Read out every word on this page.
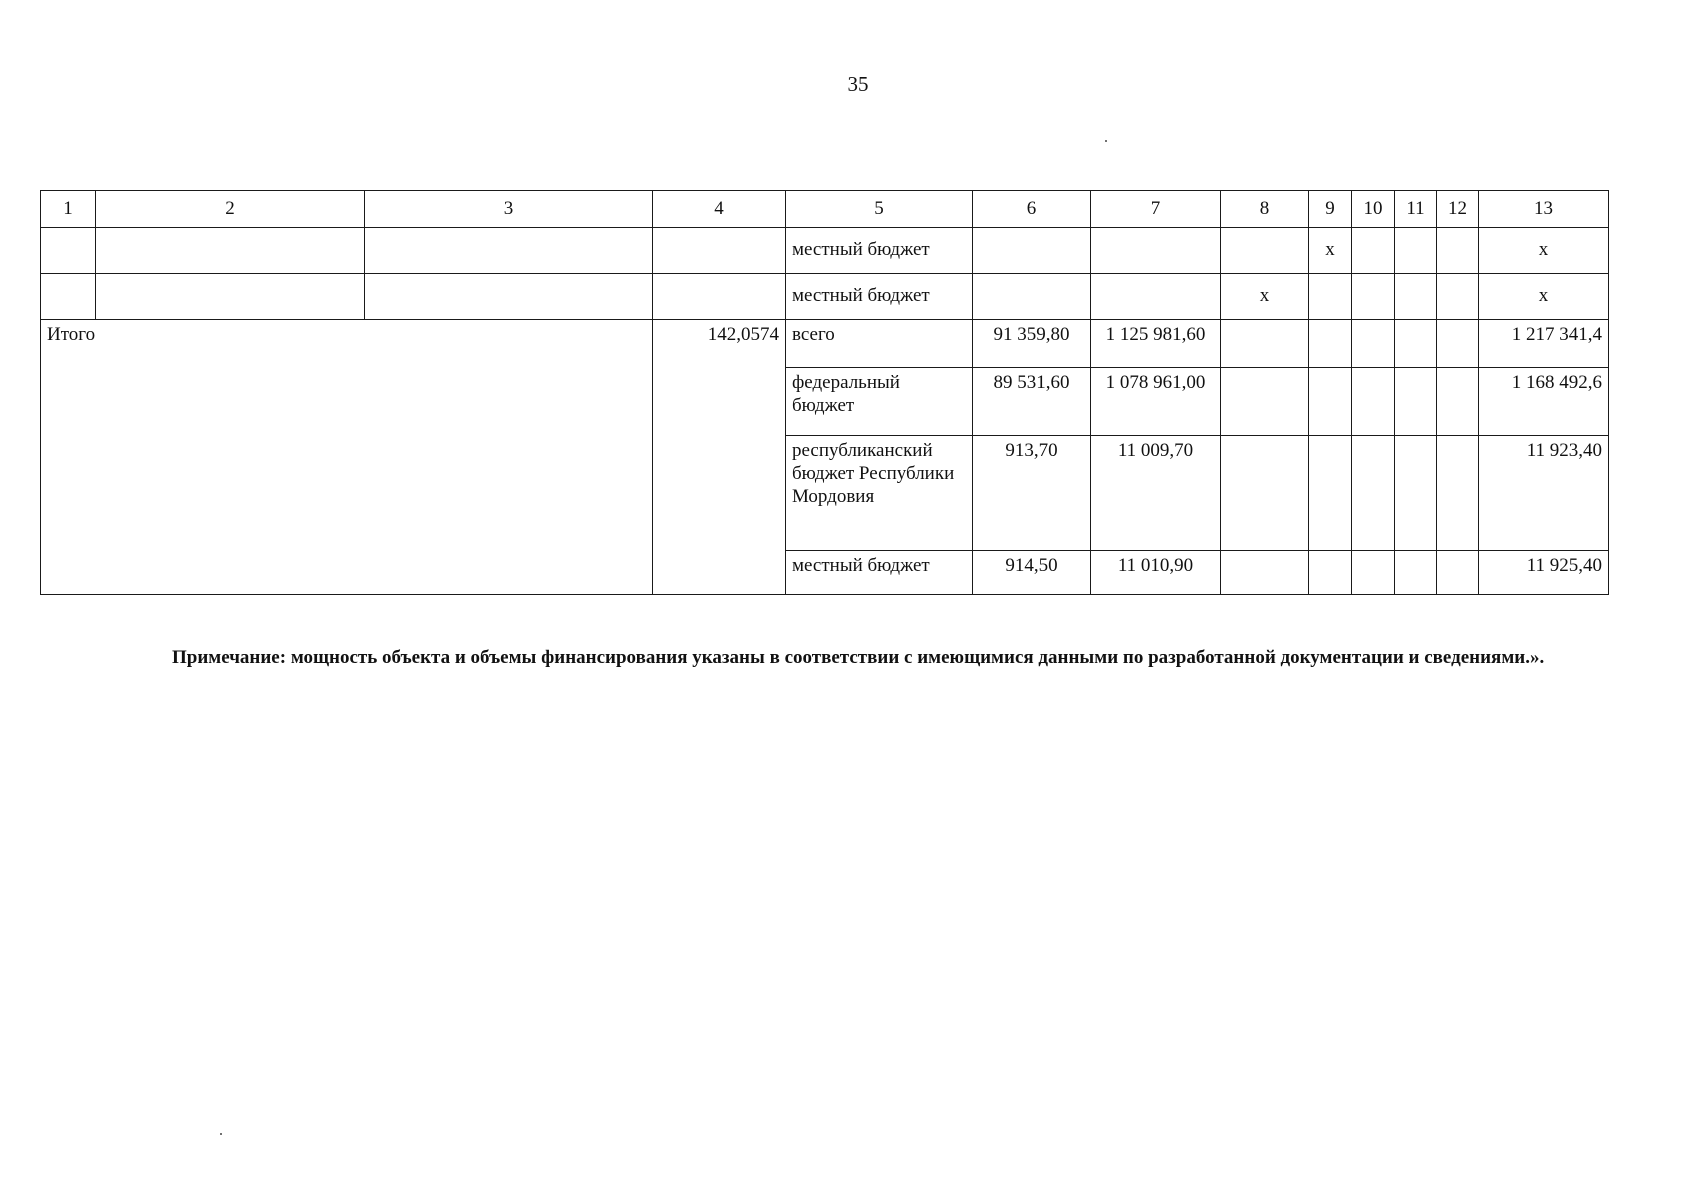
35
1	2	3	4	5	6	7	8	9	10	11	12	13
				местный бюджет				х				х
				местный бюджет			х					х
Итого			142,0574	всего	91 359,80	1 125 981,60						1 217 341,4
				федеральный бюджет	89 531,60	1 078 961,00						1 168 492,6
				республиканский бюджет Республики Мордовия	913,70	11 009,70						11 923,40
				местный бюджет	914,50	11 010,90						11 925,40
Примечание: мощность объекта и объемы финансирования указаны в соответствии с имеющимися данными по разработанной документации и сведениями.».
